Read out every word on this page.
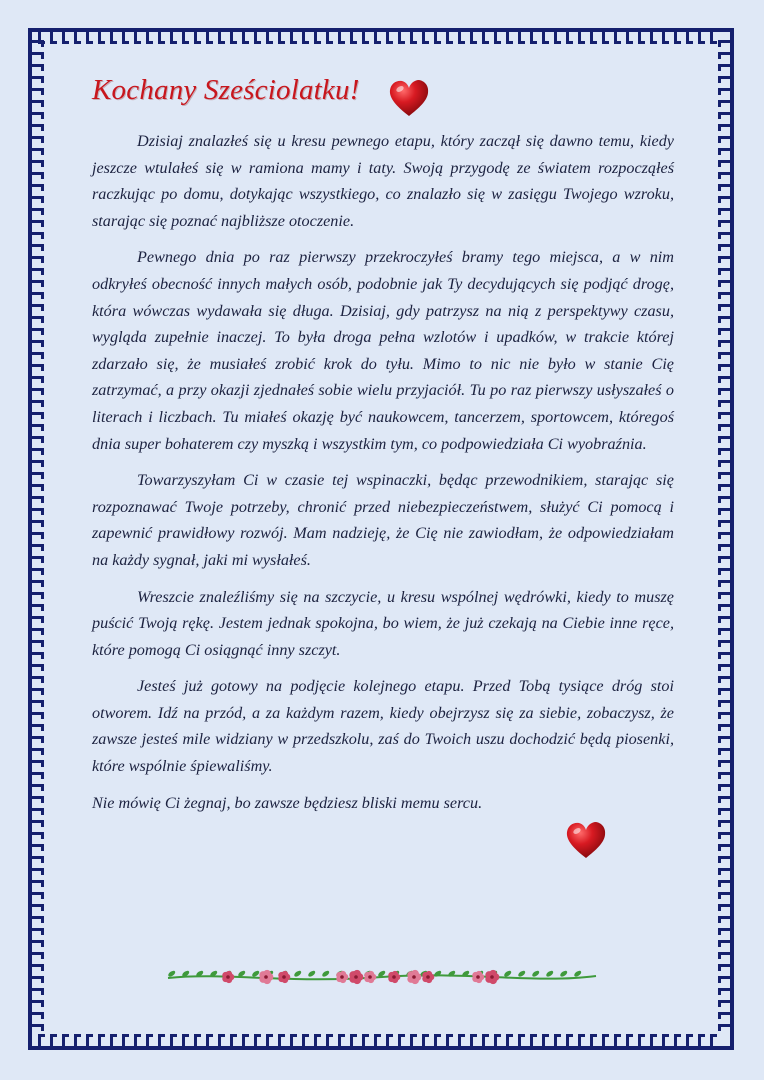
Kochany Sześciolatku!

Dzisiaj znalazłeś się u kresu pewnego etapu, który zaczął się dawno temu, kiedy jeszcze wtulałeś się w ramiona mamy i taty. Swoją przygodę ze światem rozpocząłeś raczkując po domu, dotykając wszystkiego, co znalazło się w zasięgu Twojego wzroku, starając się poznać najbliższe otoczenie.

Pewnego dnia po raz pierwszy przekroczyłeś bramy tego miejsca, a w nim odkryłeś obecność innych małych osób, podobnie jak Ty decydujących się podjąć drogę, która wówczas wydawała się długa. Dzisiaj, gdy patrzysz na nią z perspektywy czasu, wygląda zupełnie inaczej. To była droga pełna wzlotów i upadków, w trakcie której zdarzało się, że musiałeś zrobić krok do tyłu. Mimo to nic nie było w stanie Cię zatrzymać, a przy okazji zjednałeś sobie wielu przyjaciół. Tu po raz pierwszy usłyszałeś o literach i liczbach. Tu miałeś okazję być naukowcem, tancerzem, sportowcem, któregoś dnia super bohaterem czy myszką i wszystkim tym, co podpowiedziała Ci wyobraźnia.

Towarzyszyłam Ci w czasie tej wspinaczki, będąc przewodnikiem, starając się rozpoznawać Twoje potrzeby, chronić przed niebezpieczeństwem, służyć Ci pomocą i zapewnić prawidłowy rozwój. Mam nadzieję, że Cię nie zawiodłam, że odpowiedziałam na każdy sygnał, jaki mi wysłałeś.

Wreszcie znaleźliśmy się na szczycie, u kresu wspólnej wędrówki, kiedy to muszę puścić Twoją rękę. Jestem jednak spokojna, bo wiem, że już czekają na Ciebie inne ręce, które pomogą Ci osiągnąć inny szczyt.

Jesteś już gotowy na podjęcie kolejnego etapu. Przed Tobą tysiące dróg stoi otworem. Idź na przód, a za każdym razem, kiedy obejrzysz się za siebie, zobaczysz, że zawsze jesteś mile widziany w przedszkolu, zaś do Twoich uszu dochodzić będą piosenki, które wspólnie śpiewaliśmy.

Nie mówię Ci żegnaj, bo zawsze będziesz bliski memu sercu.
